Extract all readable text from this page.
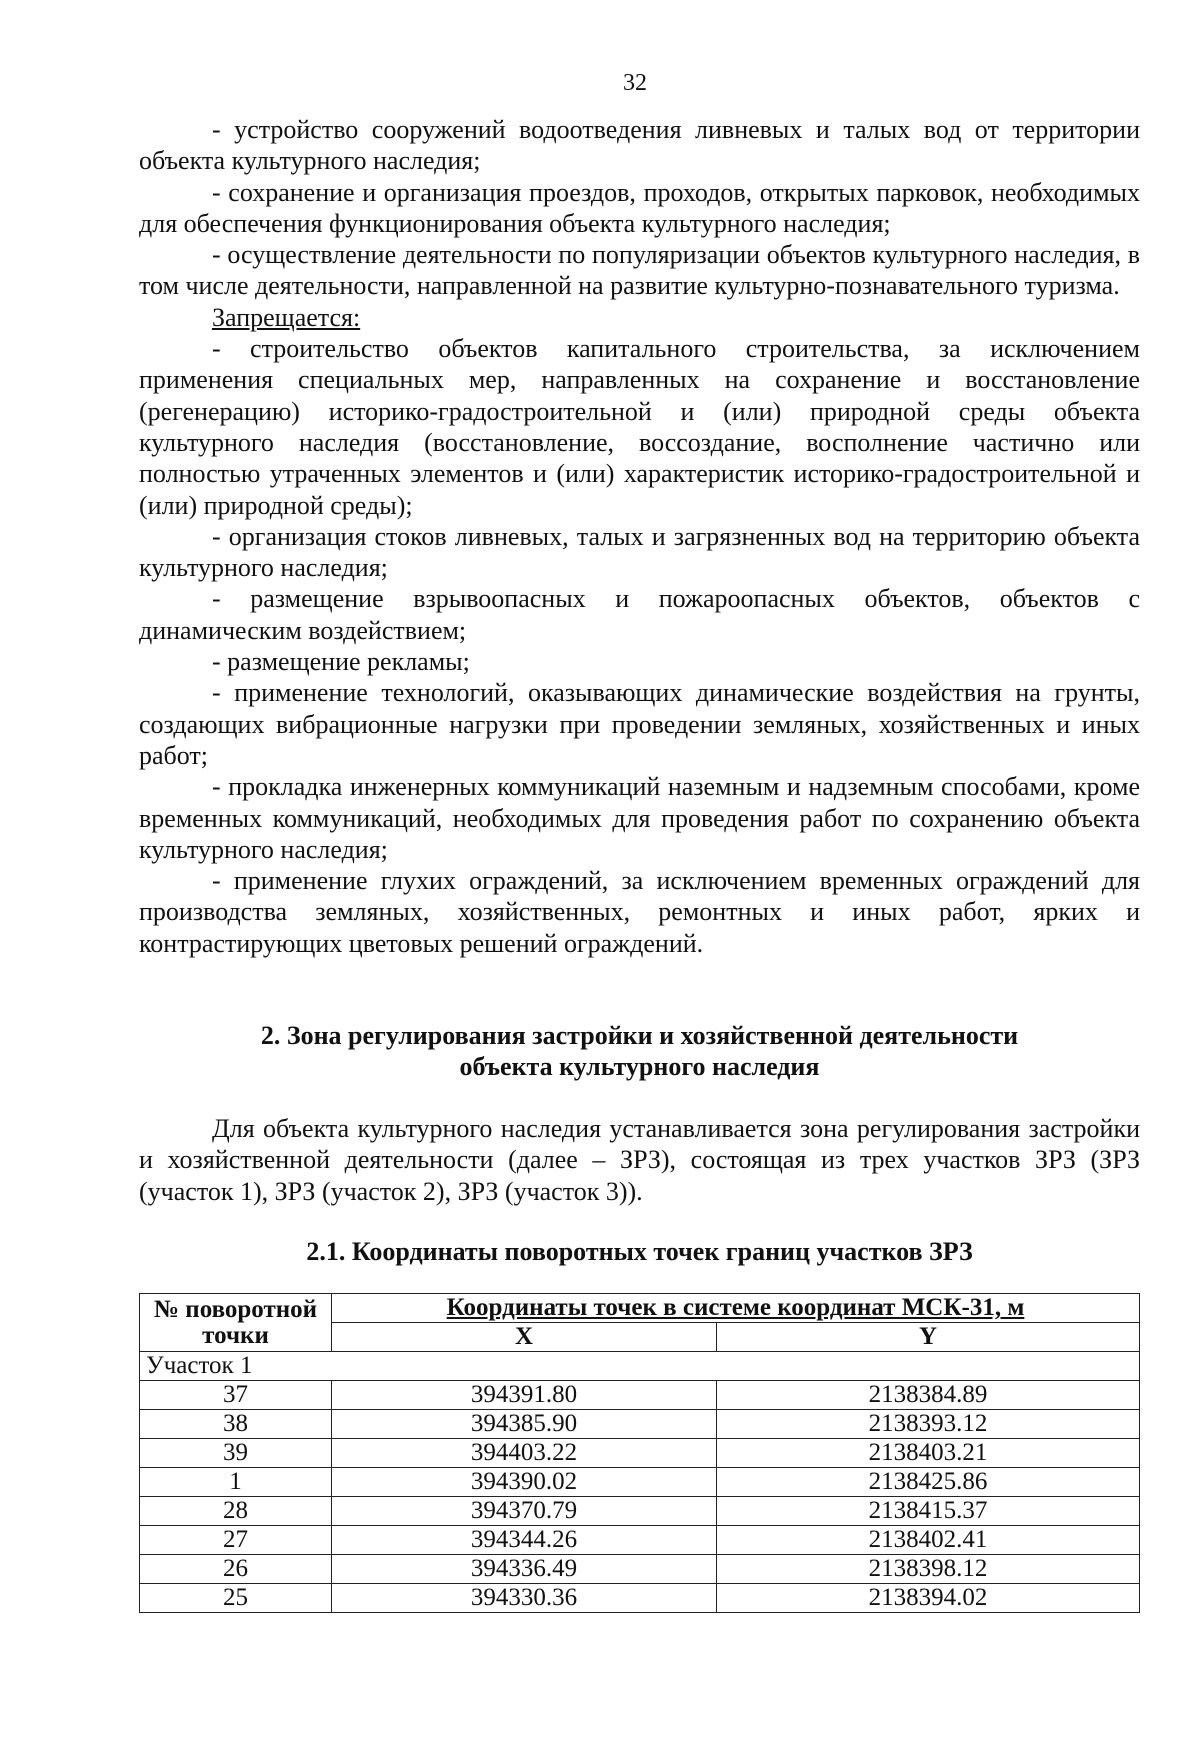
32

- устройство сооружений водоотведения ливневых и талых вод от территории объекта культурного наследия;

- сохранение и организация проездов, проходов, открытых парковок, необходимых для обеспечения функционирования объекта культурного наследия;

- осуществление деятельности по популяризации объектов культурного наследия, в том числе деятельности, направленной на развитие культурно-познавательного туризма.

Запрещается:

- строительство объектов капитального строительства, за исключением применения специальных мер, направленных на сохранение и восстановление (регенерацию) историко-градостроительной и (или) природной среды объекта культурного наследия (восстановление, воссоздание, восполнение частично или полностью утраченных элементов и (или) характеристик историко-градостроительной и (или) природной среды);

- организация стоков ливневых, талых и загрязненных вод на территорию объекта культурного наследия;

- размещение взрывоопасных и пожароопасных объектов, объектов с динамическим воздействием;

- размещение рекламы;

- применение технологий, оказывающих динамические воздействия на грунты, создающих вибрационные нагрузки при проведении земляных, хозяйственных и иных работ;

- прокладка инженерных коммуникаций наземным и надземным способами, кроме временных коммуникаций, необходимых для проведения работ по сохранению объекта культурного наследия;

- применение глухих ограждений, за исключением временных ограждений для производства земляных, хозяйственных, ремонтных и иных работ, ярких и контрастирующих цветовых решений ограждений.

2. Зона регулирования застройки и хозяйственной деятельности
объекта культурного наследия

Для объекта культурного наследия устанавливается зона регулирования застройки и хозяйственной деятельности (далее – ЗРЗ), состоящая из трех участков ЗРЗ (ЗРЗ (участок 1), ЗРЗ (участок 2), ЗРЗ (участок 3)).

2.1. Координаты поворотных точек границ участков ЗРЗ
№ поворотной точки	Координаты точек в системе координат МСК-31, м	
	X	Y
Участок 1		
37	394391.80	2138384.89
38	394385.90	2138393.12
39	394403.22	2138403.21
1	394390.02	2138425.86
28	394370.79	2138415.37
27	394344.26	2138402.41
26	394336.49	2138398.12
25	394330.36	2138394.02
